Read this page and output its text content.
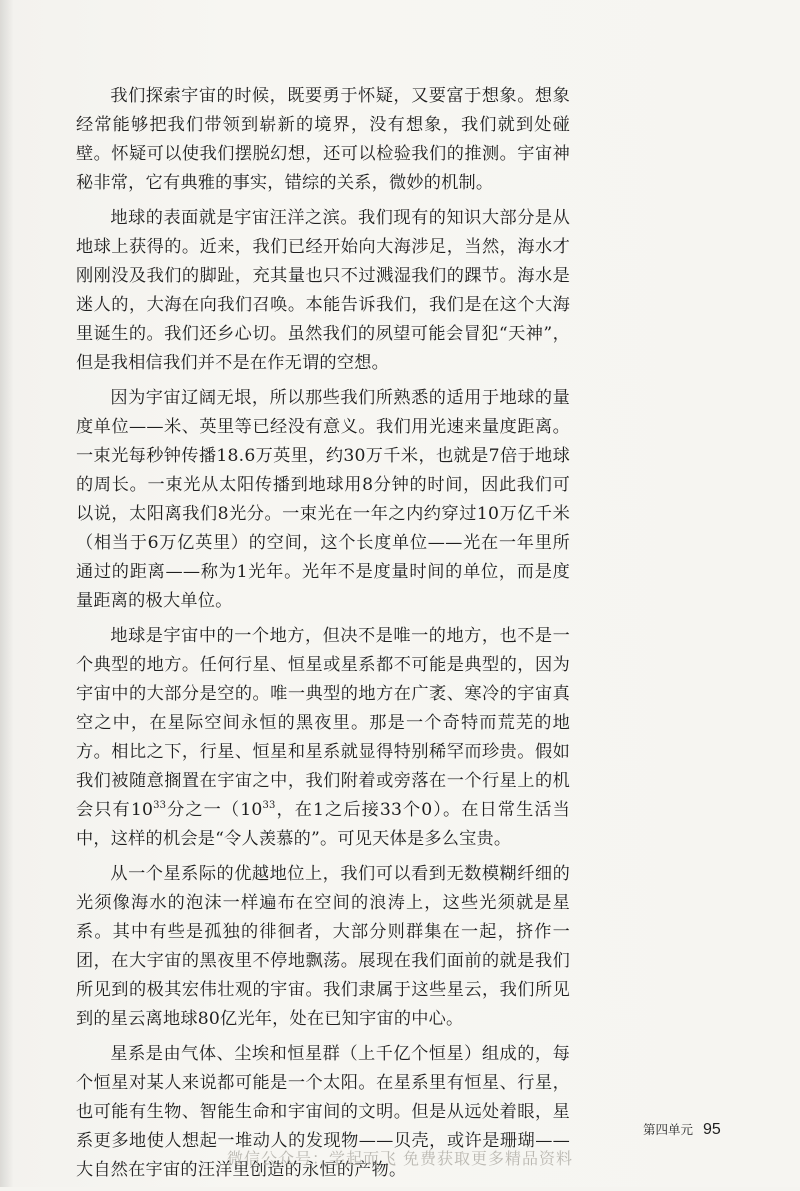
我们探索宇宙的时候，既要勇于怀疑，又要富于想象。想象经常能够把我们带领到崭新的境界，没有想象，我们就到处碰壁。怀疑可以使我们摆脱幻想，还可以检验我们的推测。宇宙神秘非常，它有典雅的事实，错综的关系，微妙的机制。

地球的表面就是宇宙汪洋之滨。我们现有的知识大部分是从地球上获得的。近来，我们已经开始向大海涉足，当然，海水才刚刚没及我们的脚趾，充其量也只不过溅湿我们的踝节。海水是迷人的，大海在向我们召唤。本能告诉我们，我们是在这个大海里诞生的。我们还乡心切。虽然我们的夙望可能会冒犯“天神”，但是我相信我们并不是在作无谓的空想。

因为宇宙辽阔无垠，所以那些我们所熟悉的适用于地球的量度单位——米、英里等已经没有意义。我们用光速来量度距离。一束光每秒钟传播18.6万英里，约30万千米，也就是7倍于地球的周长。一束光从太阳传播到地球用8分钟的时间，因此我们可以说，太阳离我们8光分。一束光在一年之内约穿过10万亿千米（相当于6万亿英里）的空间，这个长度单位——光在一年里所通过的距离——称为1光年。光年不是度量时间的单位，而是度量距离的极大单位。

地球是宇宙中的一个地方，但决不是唯一的地方，也不是一个典型的地方。任何行星、恒星或星系都不可能是典型的，因为宇宙中的大部分是空的。唯一典型的地方在广袤、寒冷的宇宙真空之中，在星际空间永恒的黑夜里。那是一个奇特而荒芜的地方。相比之下，行星、恒星和星系就显得特别稀罕而珍贵。假如我们被随意搁置在宇宙之中，我们附着或旁落在一个行星上的机会只有$10^{33}$分之一（$10^{33}$，在1之后接33个0）。在日常生活当中，这样的机会是“令人羡慕的”。可见天体是多么宝贵。

从一个星系际的优越地位上，我们可以看到无数模糊纤细的光须像海水的泡沫一样遍布在空间的浪涛上，这些光须就是星系。其中有些是孤独的徘徊者，大部分则群集在一起，挤作一团，在大宇宙的黑夜里不停地飘荡。展现在我们面前的就是我们所见到的极其宏伟壮观的宇宙。我们隶属于这些星云，我们所见到的星云离地球80亿光年，处在已知宇宙的中心。

星系是由气体、尘埃和恒星群（上千亿个恒星）组成的，每个恒星对某人来说都可能是一个太阳。在星系里有恒星、行星，也可能有生物、智能生命和宇宙间的文明。但是从远处着眼，星系更多地使人想起一堆动人的发现物——贝壳，或许是珊瑚——大自然在宇宙的汪洋里创造的永恒的产物。

第四单元 95
微信公众号：学起而飞 免费获取更多精品资料
